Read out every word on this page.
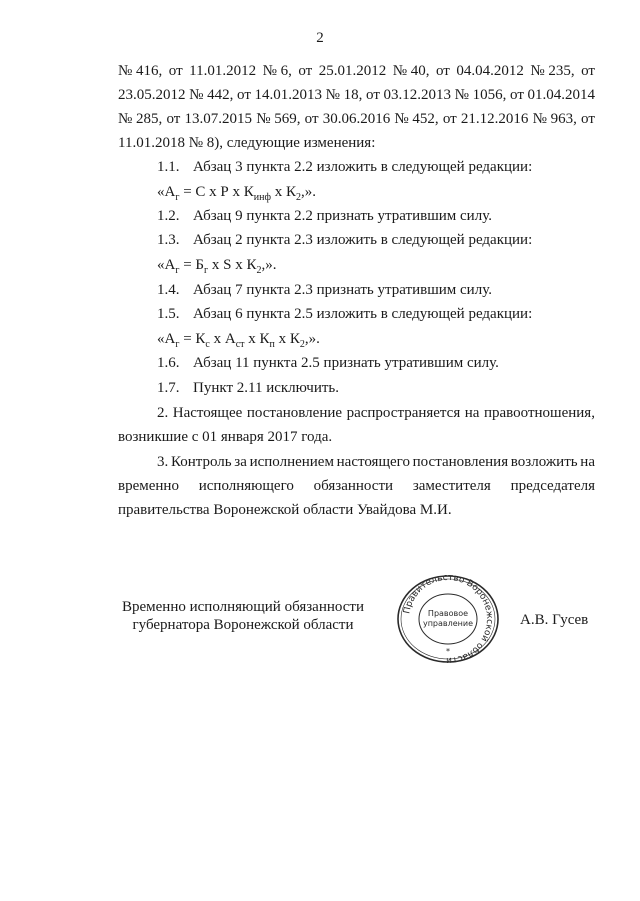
2
№ 416, от 11.01.2012 № 6, от 25.01.2012 № 40, от 04.04.2012 № 235, от
23.05.2012 № 442, от 14.01.2013 № 18, от 03.12.2013 № 1056, от 01.04.2014
№ 285, от 13.07.2015 № 569, от 30.06.2016 № 452, от 21.12.2016 № 963, от
11.01.2018 № 8), следующие изменения:
1.1. Абзац 3 пункта 2.2 изложить в следующей редакции:
«$А_г = С$ х Р х $К_{инф}$ х $К_2$,».
1.2. Абзац 9 пункта 2.2 признать утратившим силу.
1.3. Абзац 2 пункта 2.3 изложить в следующей редакции:
«$А_г = Б_г$ х S х $К_2$,».
1.4. Абзац 7 пункта 2.3 признать утратившим силу.
1.5. Абзац 6 пункта 2.5 изложить в следующей редакции:
«$А_г = К_с$ х $А_{ст}$ х $К_п$ х $К_2$,».
1.6. Абзац 11 пункта 2.5 признать утратившим силу.
1.7. Пункт 2.11 исключить.
2. Настоящее постановление распространяется на правоотношения,
возникшие с 01 января 2017 года.
3. Контроль за исполнением настоящего постановления возложить на
временно исполняющего обязанности заместителя председателя
правительства Воронежской области Увайдова М.И.
Временно исполняющий обязанности
губернатора Воронежской области	А.В. Гусев
Правительство Воронежской области
Правовое
управление
*
